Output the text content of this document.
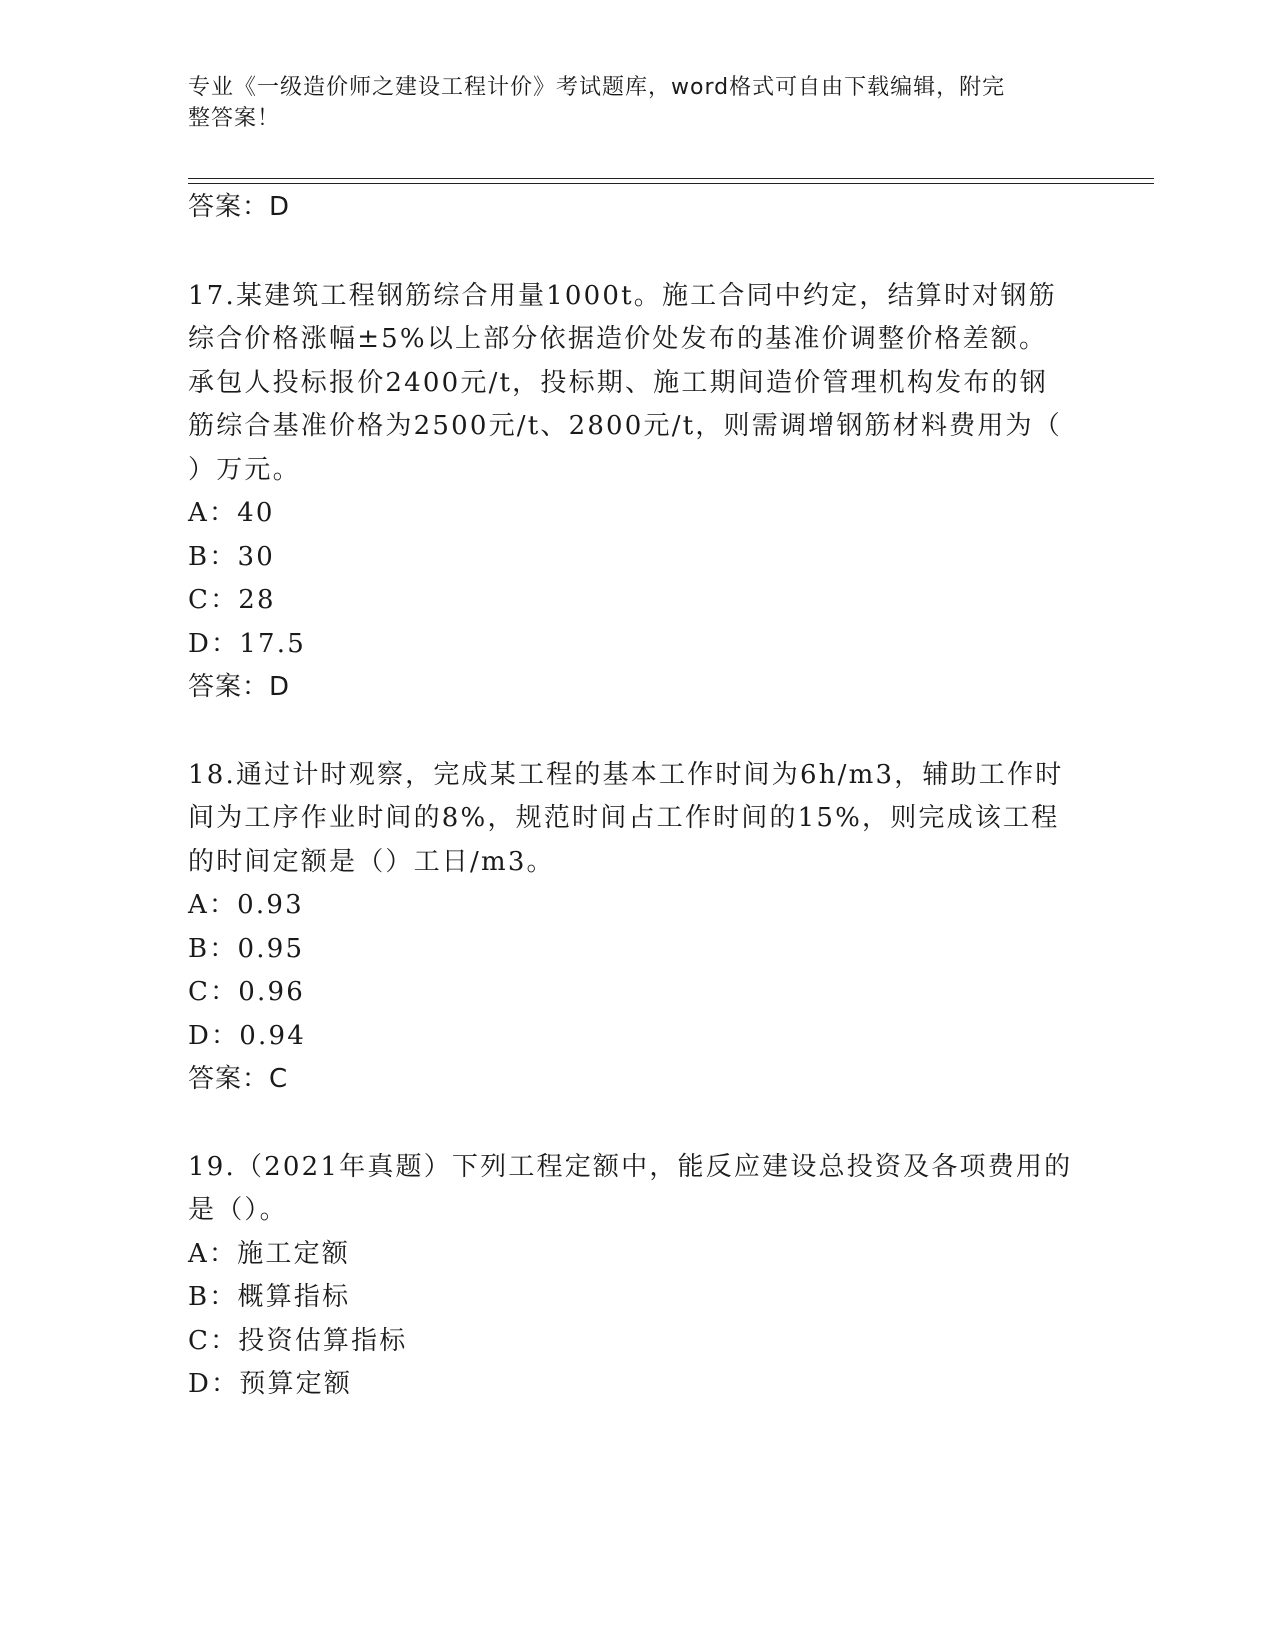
专业《一级造价师之建设工程计价》考试题库，word格式可自由下载编辑，附完
整答案！
答案：D
17.某建筑工程钢筋综合用量1000t。施工合同中约定，结算时对钢筋
综合价格涨幅±5%以上部分依据造价处发布的基准价调整价格差额。
承包人投标报价2400元/t，投标期、施工期间造价管理机构发布的钢
筋综合基准价格为2500元/t、2800元/t，则需调增钢筋材料费用为（
）万元。
A：40
B：30
C：28
D：17.5
答案：D
18.通过计时观察，完成某工程的基本工作时间为6h/m3，辅助工作时
间为工序作业时间的8%，规范时间占工作时间的15%，则完成该工程
的时间定额是（）工日/m3。
A：0.93
B：0.95
C：0.96
D：0.94
答案：C
19.（2021年真题）下列工程定额中，能反应建设总投资及各项费用的
是（）。
A：施工定额
B：概算指标
C：投资估算指标
D：预算定额
